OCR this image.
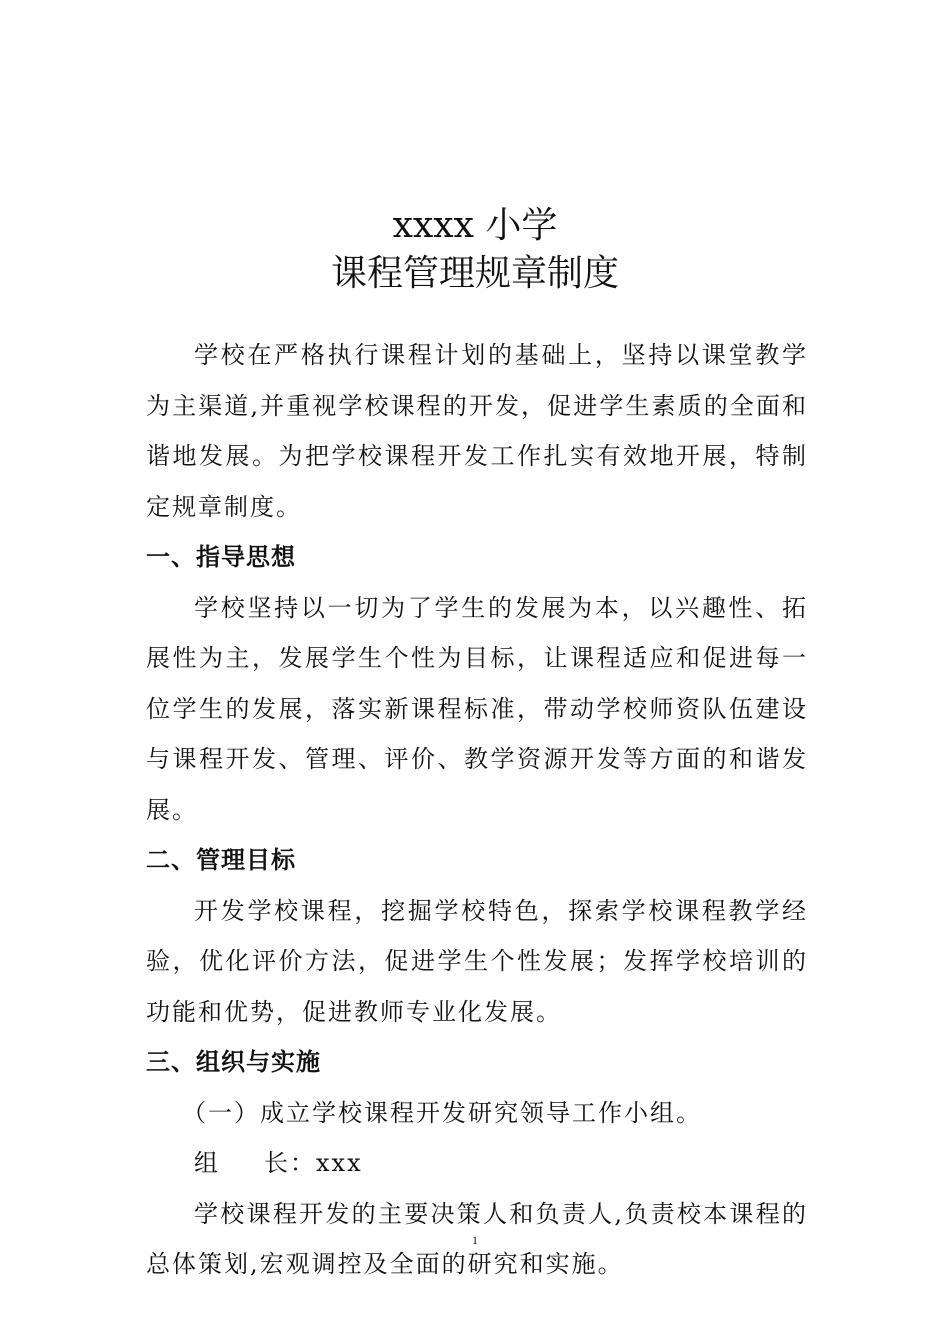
xxxx 小学
课程管理规章制度

学校在严格执行课程计划的基础上，坚持以课堂教学为主渠道,并重视学校课程的开发，促进学生素质的全面和谐地发展。为把学校课程开发工作扎实有效地开展，特制定规章制度。

一、指导思想

学校坚持以一切为了学生的发展为本，以兴趣性、拓展性为主，发展学生个性为目标，让课程适应和促进每一位学生的发展，落实新课程标准，带动学校师资队伍建设与课程开发、管理、评价、教学资源开发等方面的和谐发展。

二、管理目标

开发学校课程，挖掘学校特色，探索学校课程教学经验，优化评价方法，促进学生个性发展；发挥学校培训的功能和优势，促进教师专业化发展。

三、组织与实施

（一）成立学校课程开发研究领导工作小组。

组 长：xxx

学校课程开发的主要决策人和负责人,负责校本课程的总体策划,宏观调控及全面的研究和实施。

1
